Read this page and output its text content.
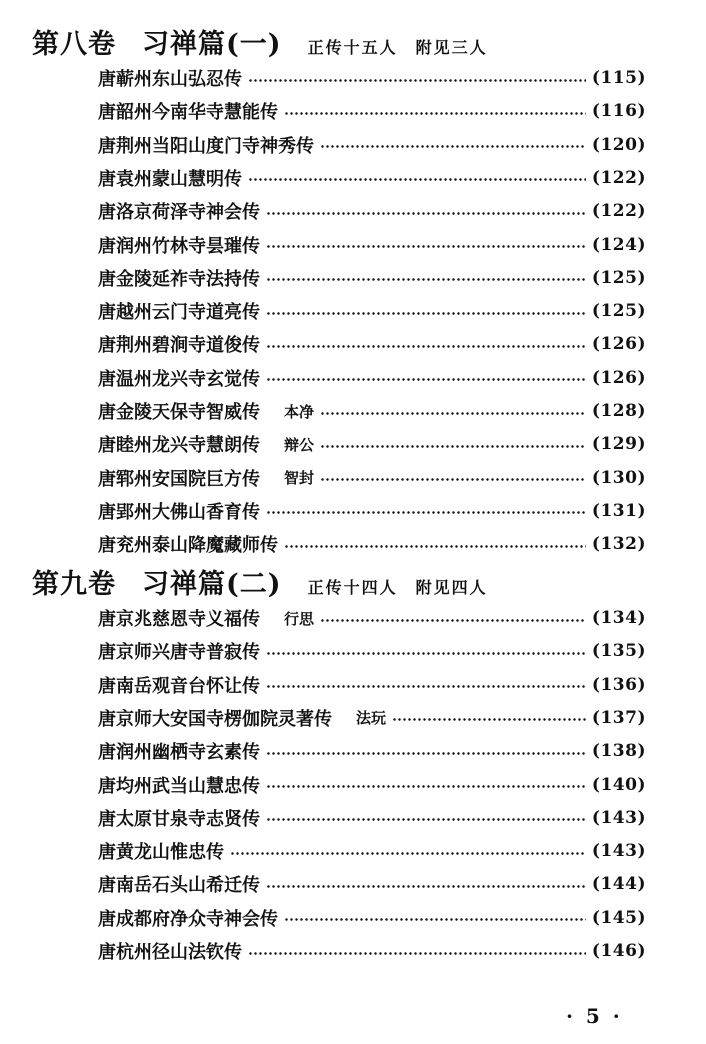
第八卷 习禅篇(一) 正传十五人　附见三人
唐蕲州东山弘忍传	(115)
唐韶州今南华寺慧能传	(116)
唐荆州当阳山度门寺神秀传	(120)
唐袁州蒙山慧明传	(122)
唐洛京荷泽寺神会传	(122)
唐润州竹林寺昙璀传	(124)
唐金陵延祚寺法持传	(125)
唐越州云门寺道亮传	(125)
唐荆州碧涧寺道俊传	(126)
唐温州龙兴寺玄觉传	(126)
唐金陵天保寺智威传 本净	(128)
唐睦州龙兴寺慧朗传 辩公	(129)
唐郓州安国院巨方传 智封	(130)
唐郢州大佛山香育传	(131)
唐兖州泰山降魔藏师传	(132)
第九卷 习禅篇(二) 正传十四人　附见四人
唐京兆慈恩寺义福传 行思	(134)
唐京师兴唐寺普寂传	(135)
唐南岳观音台怀让传	(136)
唐京师大安国寺楞伽院灵著传 法玩	(137)
唐润州幽栖寺玄素传	(138)
唐均州武当山慧忠传	(140)
唐太原甘泉寺志贤传	(143)
唐黄龙山惟忠传	(143)
唐南岳石头山希迁传	(144)
唐成都府净众寺神会传	(145)
唐杭州径山法钦传	(146)
· 5 ·
